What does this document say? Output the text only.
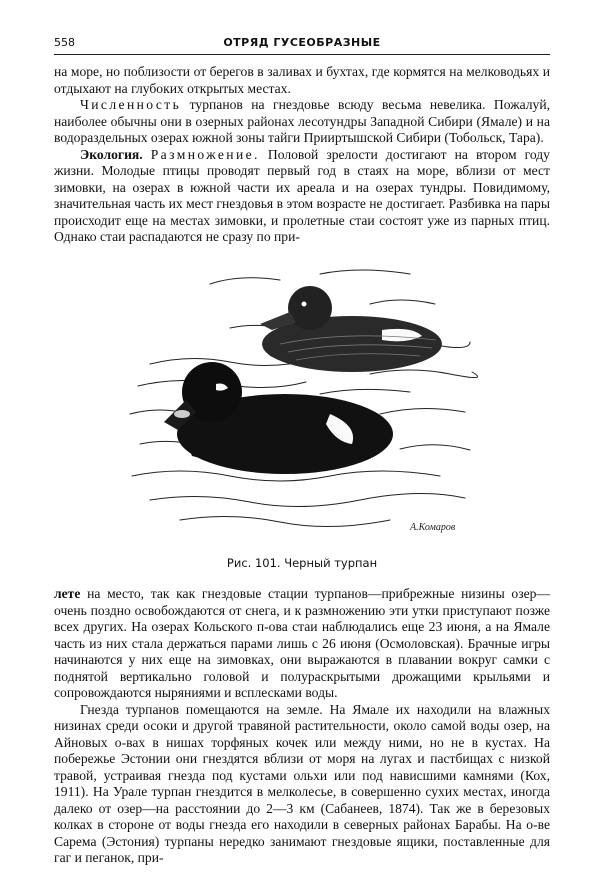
558	ОТРЯД ГУСЕОБРАЗНЫЕ

на море, но поблизости от берегов в заливах и бухтах, где кормятся на мелководьях и отдыхают на глубоких открытых местах.

Численность турпанов на гнездовье всюду весьма невелика. Пожалуй, наиболее обычны они в озерных районах лесотундры Западной Сибири (Ямале) и на водораздельных озерах южной зоны тайги Прииртышской Сибири (Тобольск, Тара).

Экология. Размножение. Половой зрелости достигают на втором году жизни. Молодые птицы проводят первый год в стаях на море, вблизи от мест зимовки, на озерах в южной части их ареала и на озерах тундры. Повидимому, значительная часть их мест гнездовья в этом возрасте не достигает. Разбивка на пары происходит еще на местах зимовки, и пролетные стаи состоят уже из парных птиц. Однако стаи распадаются не сразу по при-

А.Комаров
Рис. 101. Черный турпан

лете на место, так как гнездовые стации турпанов—прибрежные низины озер—очень поздно освобождаются от снега, и к размножению эти утки приступают позже всех других. На озерах Кольского п-ова стаи наблюдались еще 23 июня, а на Ямале часть из них стала держаться парами лишь с 26 июня (Осмоловская). Брачные игры начинаются у них еще на зимовках, они выражаются в плавании вокруг самки с поднятой вертикально головой и полураскрытыми дрожащими крыльями и сопровождаются ныряниями и всплесками воды.

Гнезда турпанов помещаются на земле. На Ямале их находили на влажных низинах среди осоки и другой травяной растительности, около самой воды озер, на Айновых о-вах в нишах торфяных кочек или между ними, но не в кустах. На побережье Эстонии они гнездятся вблизи от моря на лугах и пастбищах с низкой травой, устраивая гнезда под кустами ольхи или под нависшими камнями (Кох, 1911). На Урале турпан гнездится в мелколесье, в совершенно сухих местах, иногда далеко от озер—на расстоянии до 2—3 км (Сабанеев, 1874). Так же в березовых колках в стороне от воды гнезда его находили в северных районах Барабы. На о-ве Сарема (Эстония) турпаны нередко занимают гнездовые ящики, поставленные для гаг и пеганок, при-
